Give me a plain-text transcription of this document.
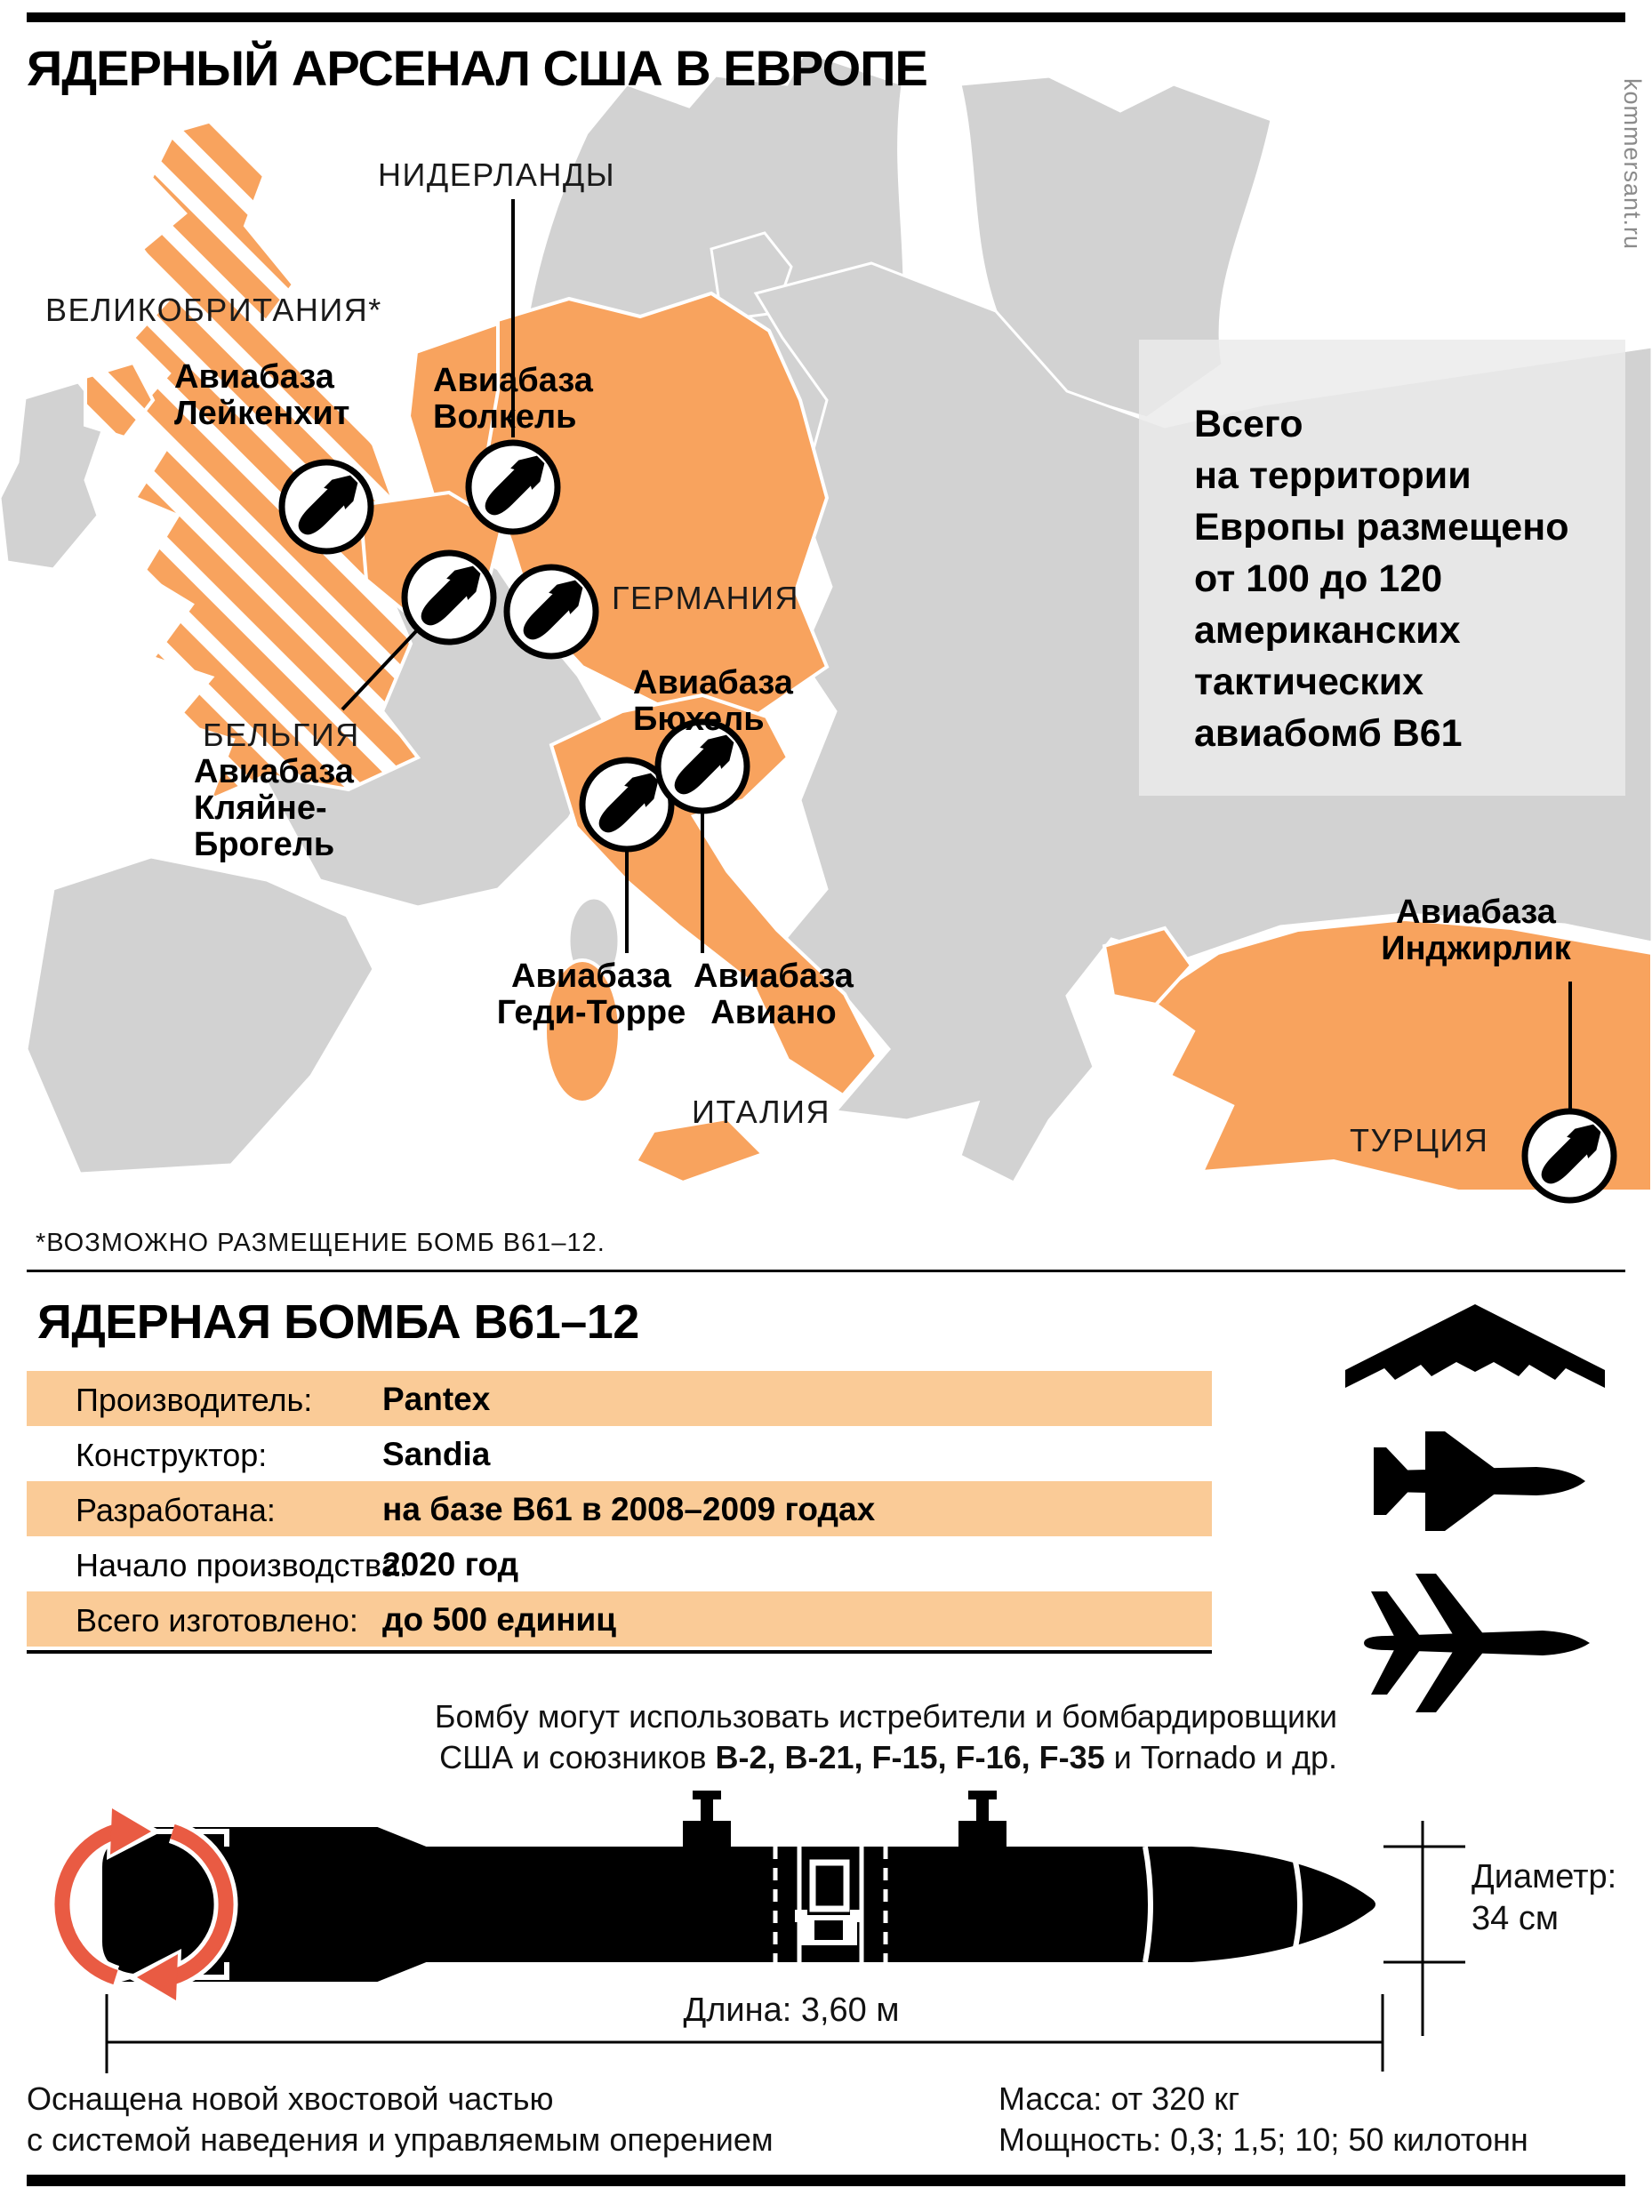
ЯДЕРНЫЙ АРСЕНАЛ США В ЕВРОПЕ
kommersant.ru
ВЕЛИКОБРИТАНИЯ*
НИДЕРЛАНДЫ
ГЕРМАНИЯ
БЕЛЬГИЯ
ИТАЛИЯ
ТУРЦИЯ
Авиабаза
Лейкенхит
Авиабаза
Волкель
Авиабаза
Бюхель
Авиабаза
Кляйне-
Брогель
Авиабаза
Геди-Торре
Авиабаза
Авиано
Авиабаза
Инджирлик
Всего
на территории
Европы размещено
от 100 до 120
американских
тактических
авиабомб B61
*ВОЗМОЖНО РАЗМЕЩЕНИЕ БОМБ B61–12.
ЯДЕРНАЯ БОМБА B61–12
Производитель: Pantex
Конструктор:	Sandia
Разработана:	на базе B61 в 2008–2009 годах
Начало производства:
2020 год
Всего изготовлено: до 500 единиц
Бомбу могут использовать истребители и бомбардировщики
США и союзников B-2, B-21, F-15, F-16, F-35 и Tornado и др.
Длина: 3,60 м
Диаметр:
34 см
Оснащена новой хвостовой частью
с системой наведения и управляемым оперением
Масса: от 320 кг
Мощность: 0,3; 1,5; 10; 50 килотонн
